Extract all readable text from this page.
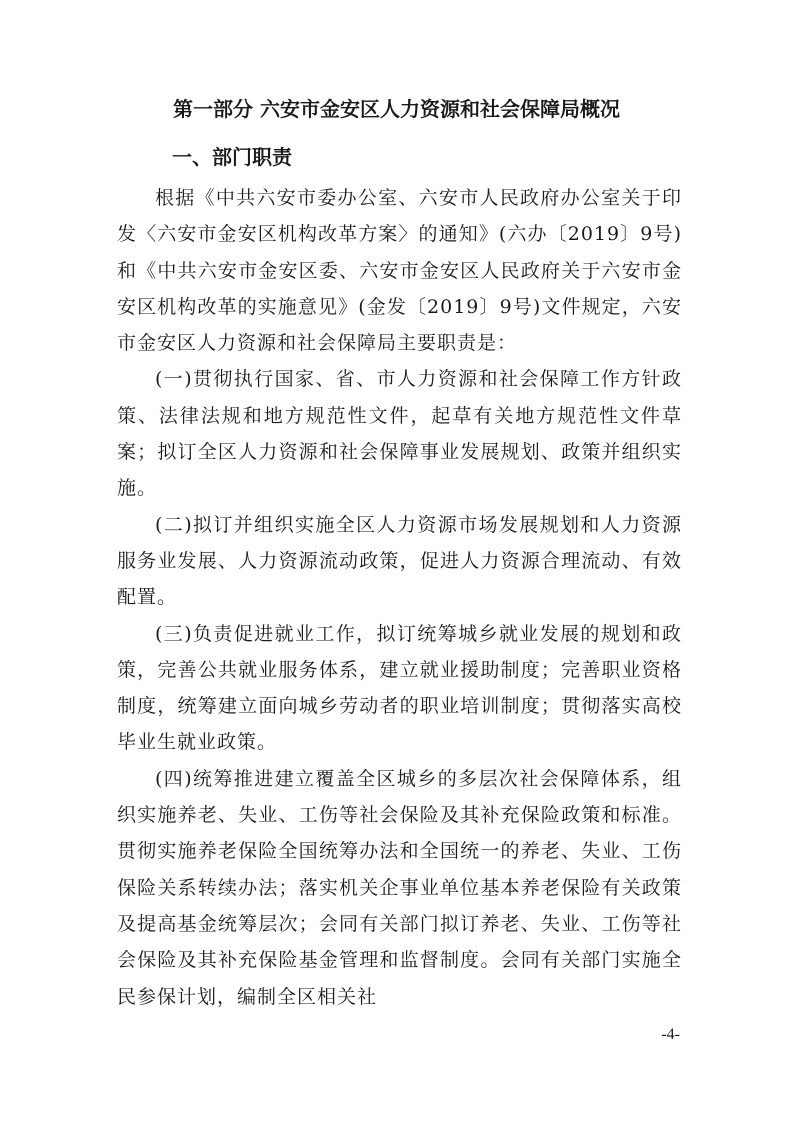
第一部分 六安市金安区人力资源和社会保障局概况
一、部门职责

根据《中共六安市委办公室、六安市人民政府办公室关于印发〈六安市金安区机构改革方案〉的通知》(六办〔2019〕9号)和《中共六安市金安区委、六安市金安区人民政府关于六安市金安区机构改革的实施意见》(金发〔2019〕9号)文件规定，六安市金安区人力资源和社会保障局主要职责是：

(一)贯彻执行国家、省、市人力资源和社会保障工作方针政策、法律法规和地方规范性文件，起草有关地方规范性文件草案；拟订全区人力资源和社会保障事业发展规划、政策并组织实施。

(二)拟订并组织实施全区人力资源市场发展规划和人力资源服务业发展、人力资源流动政策，促进人力资源合理流动、有效配置。

(三)负责促进就业工作，拟订统筹城乡就业发展的规划和政策，完善公共就业服务体系，建立就业援助制度；完善职业资格制度，统筹建立面向城乡劳动者的职业培训制度；贯彻落实高校毕业生就业政策。

(四)统筹推进建立覆盖全区城乡的多层次社会保障体系，组织实施养老、失业、工伤等社会保险及其补充保险政策和标准。贯彻实施养老保险全国统筹办法和全国统一的养老、失业、工伤保险关系转续办法；落实机关企事业单位基本养老保险有关政策及提高基金统筹层次；会同有关部门拟订养老、失业、工伤等社会保险及其补充保险基金管理和监督制度。会同有关部门实施全民参保计划，编制全区相关社

-4-
